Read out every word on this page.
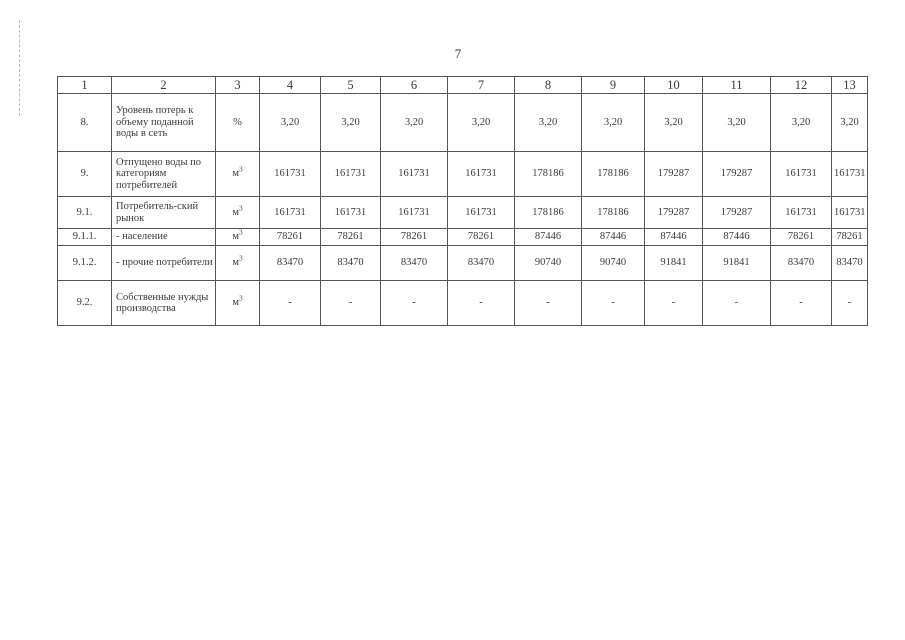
7
1	2	3	4	5	6	7	8	9	10	11	12	13
8.	Уровень потерь к объему поданной воды в сеть	%	3,20	3,20	3,20	3,20	3,20	3,20	3,20	3,20	3,20	3,20
9.	Отпущено воды по категориям потребителей	$м^3$	161731	161731	161731	161731	178186	178186	179287	179287	161731	161731
9.1.	Потребитель-ский рынок	$м^3$	161731	161731	161731	161731	178186	178186	179287	179287	161731	161731
9.1.1.	- население	$м^3$	78261	78261	78261	78261	87446	87446	87446	87446	78261	78261
9.1.2.	- прочие потребители	$м^3$	83470	83470	83470	83470	90740	90740	91841	91841	83470	83470
9.2.	Собственные нужды производства	$м^3$	-	-	-	-	-	-	-	-	-	-
